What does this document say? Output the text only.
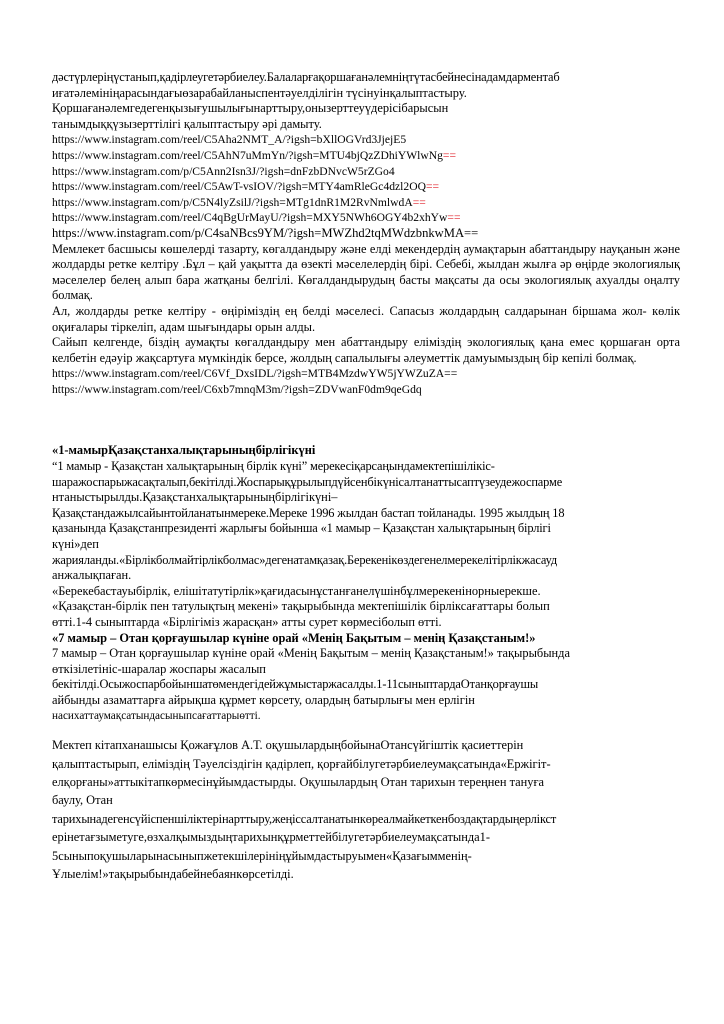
дәстүрлеріңүстанып,қадірлеугетәрбиелеу.Балаларғақоршағанәлемніңтүтасбейнесінадамдарментаб
иғатәлемініңарасындағыөзарабайланыспентәуелділігін түсінуінқалыптастыру.
Қоршағанәлемгедегенқызығушылығынарттыру,онызерттеуүдерісібарысын
танымдыққүзызерттілігі қалыптастыру әрі дамыту.
https://www.instagram.com/reel/C5Aha2NMT_A/?igsh=bXllOGVrd3JjejE5
https://www.instagram.com/reel/C5AhN7uMmYn/?igsh=MTU4bjQzZDhiYWlwNg==
https://www.instagram.com/p/C5Ann2Isn3J/?igsh=dnFzbDNvcW5rZGo4
https://www.instagram.com/reel/C5AwT-vsIOV/?igsh=MTY4amRleGc4dzl2OQ==
https://www.instagram.com/p/C5N4lyZsilJ/?igsh=MTg1dnR1M2RvNmlwdA==
https://www.instagram.com/reel/C4qBgUrMayU/?igsh=MXY5NWh6OGY4b2xhYw==
https://www.instagram.com/p/C4saNBcs9YM/?igsh=MWZhd2tqMWdzbnkwMA==
Мемлекет басшысы көшелерді тазарту, көгалдандыру және елді мекендердің аумақтарын абаттандыру науқанын және жолдарды ретке келтіру .Бұл – қай уақытта да өзекті мәселелердің бірі. Себебі, жылдан жылға әр өңірде экологиялық мәселелер белең алып бара жатқаны белгілі. Көгалдандырудың басты мақсаты да осы экологиялық ахуалды оңалту болмақ.
Ал, жолдарды ретке келтіру - өңіріміздің ең белді мәселесі. Сапасыз жолдардың салдарынан біршама жол- көлік оқиғалары тіркеліп, адам шығындары орын алды.
Сайып келгенде, біздің аумақты көгалдандыру мен абаттандыру еліміздің экологиялық қана емес қоршаған орта келбетін едәуір жақсартуға мүмкіндік берсе, жолдың сапалылығы әлеуметтік дамуымыздың бір кепілі болмақ.
https://www.instagram.com/reel/C6Vf_DxsIDL/?igsh=MTB4MzdwYW5jYWZuZA==
https://www.instagram.com/reel/C6xb7mnqM3m/?igsh=ZDVwanF0dm9qeGdq
«1-мамырҚазақстанхалықтарыныңбірлігікүні
“1 мамыр - Қазақстан халықтарының бірлік күні” мерекесіқарсаңындамектепішілікіс-
шаражоспарыжасақталып,бекітілді.Жоспарықұрылыпдүйсенбікүнісалтанаттысаптүзеудежоспарме
нтаныстырылды.Қазақстанхалықтарыныңбірлігікүні–
Қазақстандажылсайынтойланатынмереке.Мереке 1996 жылдан бастап тойланады. 1995 жылдың 18
қазанында Қазақстанпрезиденті жарлығы бойынша «1 мамыр – Қазақстан халықтарының бірлігі
күні»деп
жарияланды.«Бірлікболмайтірлікболмас»дегенатамқазақ.Берекенікөздегенелмерекелітірлікжасауд
анжалықпаған.
«Берекебастауыбірлік, елішітатутірлік»қағидасынұстанғанелүшінбұлмерекенінорныерекше.
«Қазақстан-бірлік пен татулықтың мекені» тақырыбында мектепішілік бірліксағаттары болып
өтті.1-4 сыныптарда «Бірлігіміз жарасқан» атты сурет көрмесіболып өтті.
«7 мамыр – Отан қорғаушылар күніне орай «Менің Бақытым – менің Қазақстаным!»
7 мамыр – Отан қорғаушылар күніне орай «Менің Бақытым – менің Қазақстаным!» тақырыбында
өткізілетініс-шаралар жоспары жасалып
бекітілді.Осыжоспарбойыншатөмендегідейжұмыстаржасалды.1-11сыныптардаОтанқорғаушы
айбынды азаматтарға айрықша құрмет көрсету, олардың батырлығы мен ерлігін
насихаттаумақсатындасыныпсағаттарыөтті.
Мектеп кітапханашысы Қожағұлов А.Т. оқушылардыңбойынаОтансүйгіштік қасиеттерін
қалыптастырып, еліміздің Тәуелсіздігін қадірлеп, қорғайбілугетәрбиелеумақсатында«Ержігіт-
елқорғаны»аттыкітапкөрмесінұйымдастырды. Оқушылардың Отан тарихын тереңнен тануға
баулу, Отан
тарихынадегенсүйіспеншіліктерінарттыру,жеңіссалтанатынкөреалмайкеткенбоздақтардыңерлікст
ерінетағзыметуге,өзхалқымыздыңтарихынқұрметтейбілугетәрбиелеумақсатында1-
5сыныпоқушыларынасыныпжетекшілерініңұйымдастыруымен«Қазағымменің-
Ұлыелім!»тақырыбындабейнебаянкөрсетілді.
